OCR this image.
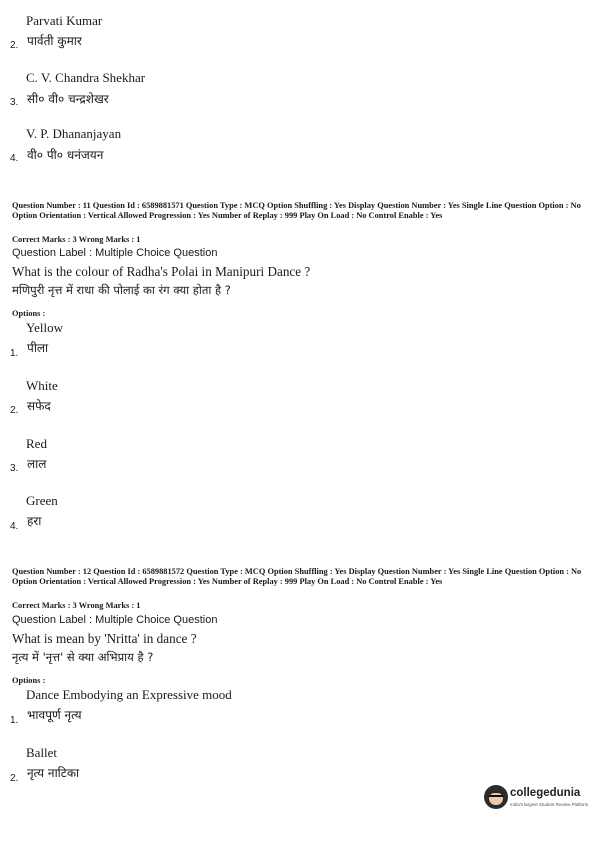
Parvati Kumar
पार्वती कुमार
2.
C. V. Chandra Shekhar
सी० वी० चन्द्रशेखर
3.
V. P. Dhananjayan
वी० पी० धनंजयन
4.
Question Number : 11 Question Id : 6589881571 Question Type : MCQ Option Shuffling : Yes Display Question Number : Yes Single Line Question Option : No Option Orientation : Vertical Allowed Progression : Yes Number of Replay : 999 Play On Load : No Control Enable : Yes
Correct Marks : 3 Wrong Marks : 1
Question Label : Multiple Choice Question
What is the colour of Radha's Polai in Manipuri Dance ?
मणिपुरी नृत्त में राधा की पोलाई का रंग क्या होता है ?
Options :
Yellow
पीला
1.
White
सफेद
2.
Red
लाल
3.
Green
हरा
4.
Question Number : 12 Question Id : 6589881572 Question Type : MCQ Option Shuffling : Yes Display Question Number : Yes Single Line Question Option : No Option Orientation : Vertical Allowed Progression : Yes Number of Replay : 999 Play On Load : No Control Enable : Yes
Correct Marks : 3 Wrong Marks : 1
Question Label : Multiple Choice Question
What is mean by 'Nritta' in dance ?
नृत्य में 'नृत्त' से क्या अभिप्राय है ?
Options :
Dance Embodying an Expressive mood
भावपूर्ण नृत्य
1.
Ballet
नृत्य नाटिका
2.
collegedunia
India's largest Student Review Platform
